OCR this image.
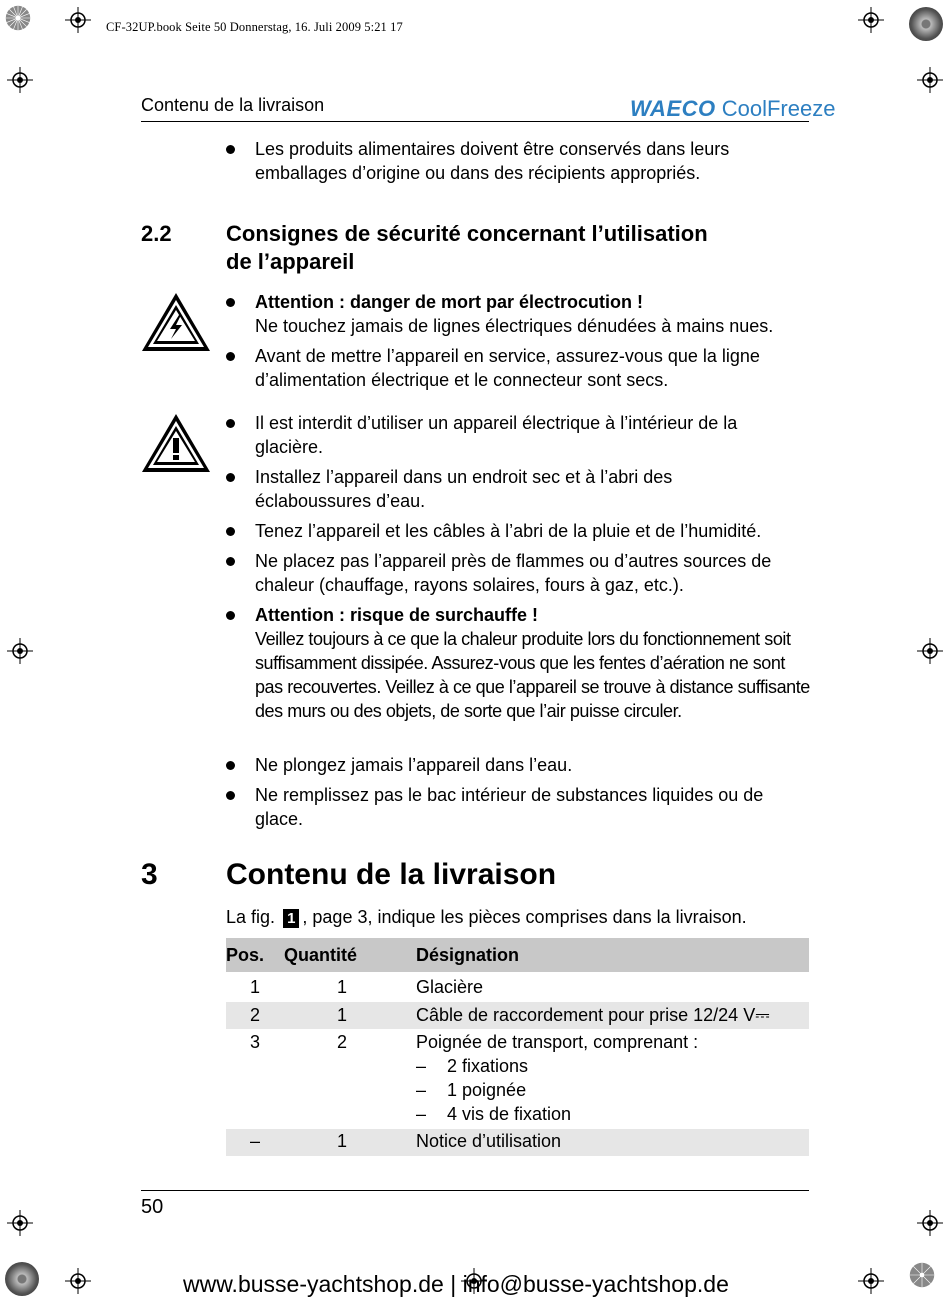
CF-32UP.book Seite 50 Donnerstag, 16. Juli 2009 5:21 17
Contenu de la livraison	WAECO CoolFreeze
Les produits alimentaires doivent être conservés dans leurs emballages d’origine ou dans des récipients appropriés.
2.2 Consignes de sécurité concernant l’utilisation
de l’appareil
Attention : danger de mort par électrocution !
Ne touchez jamais de lignes électriques dénudées à mains nues.
Avant de mettre l’appareil en service, assurez-vous que la ligne d’alimentation électrique et le connecteur sont secs.
Il est interdit d’utiliser un appareil électrique à l’intérieur de la glacière.
Installez l’appareil dans un endroit sec et à l’abri des éclaboussures d’eau.
Tenez l’appareil et les câbles à l’abri de la pluie et de l’humidité.
Ne placez pas l’appareil près de flammes ou d’autres sources de chaleur (chauffage, rayons solaires, fours à gaz, etc.).
Attention : risque de surchauffe !
Veillez toujours à ce que la chaleur produite lors du fonctionnement soit suffisamment dissipée. Assurez-vous que les fentes d’aération ne sont pas recouvertes. Veillez à ce que l’appareil se trouve à distance suffisante des murs ou des objets, de sorte que l’air puisse circuler.
Ne plongez jamais l’appareil dans l’eau.
Ne remplissez pas le bac intérieur de substances liquides ou de glace.
3 Contenu de la livraison
La fig. 1 , page 3, indique les pièces comprises dans la livraison.
Pos.	Quantité	Désignation
1	1	Glacière
2	1	Câble de raccordement pour prise 12/24 V⎓
3	2	Poignée de transport, comprenant :
– 2 fixations
– 1 poignée
– 4 vis de fixation

–	1	Notice d’utilisation
50
www.busse-yachtshop.de | info@busse-yachtshop.de
